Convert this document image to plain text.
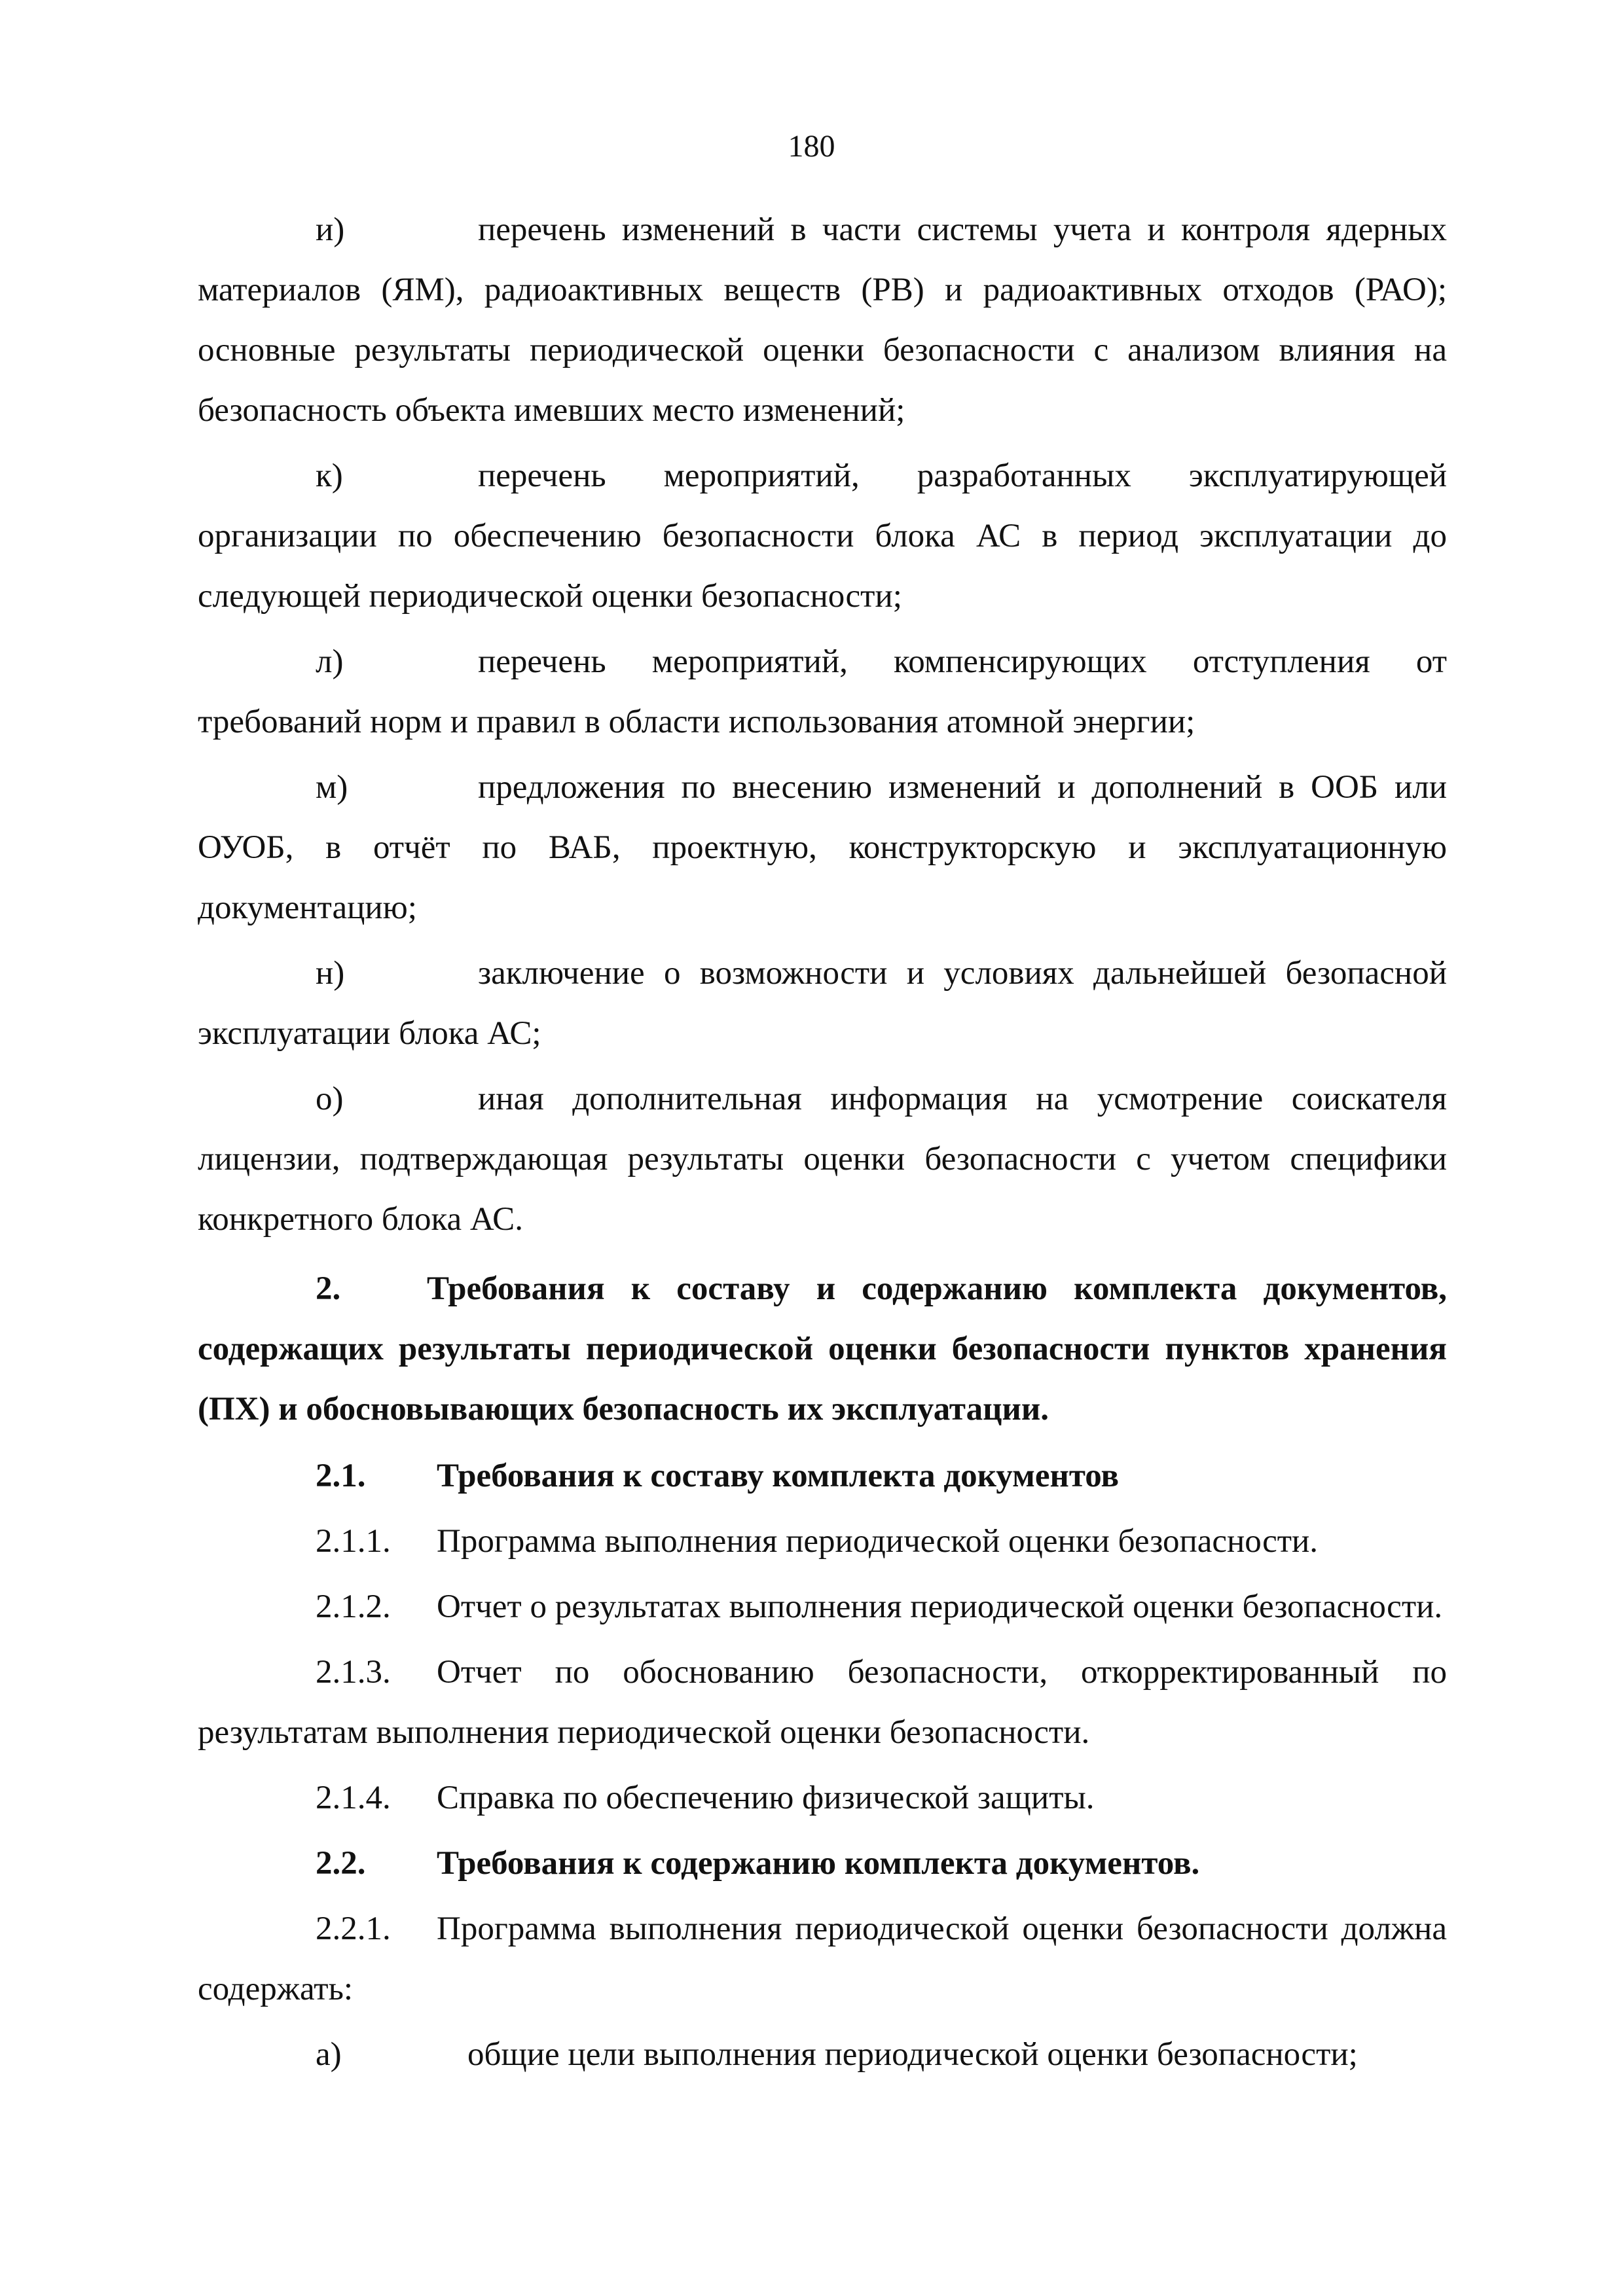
180
и)	перечень изменений в части системы учета и контроля ядерных материалов (ЯМ), радиоактивных веществ (РВ) и радиоактивных отходов (РАО); основные результаты периодической оценки безопасности с анализом влияния на безопасность объекта имевших место изменений;
к)	перечень мероприятий, разработанных эксплуатирующей организации по обеспечению безопасности блока АС в период эксплуатации до следующей периодической оценки безопасности;
л)	перечень мероприятий, компенсирующих отступления от требований норм и правил в области использования атомной энергии;
м)	предложения по внесению изменений и дополнений в ООБ или ОУОБ, в отчёт по ВАБ, проектную, конструкторскую и эксплуатационную документацию;
н)	заключение о возможности и условиях дальнейшей безопасной эксплуатации блока АС;
о)	иная дополнительная информация на усмотрение соискателя лицензии, подтверждающая результаты оценки безопасности с учетом специфики конкретного блока АС.
2.	Требования к составу и содержанию комплекта документов, содержащих результаты периодической оценки безопасности пунктов хранения (ПХ) и обосновывающих безопасность их эксплуатации.
2.1. Требования к составу комплекта документов
2.1.1. Программа выполнения периодической оценки безопасности.
2.1.2. Отчет о результатах выполнения периодической оценки безопасности.
2.1.3. Отчет по обоснованию безопасности, откорректированный по результатам выполнения периодической оценки безопасности.
2.1.4. Справка по обеспечению физической защиты.
2.2. Требования к содержанию комплекта документов.
2.2.1. Программа выполнения периодической оценки безопасности должна содержать:
а)	общие цели выполнения периодической оценки безопасности;
